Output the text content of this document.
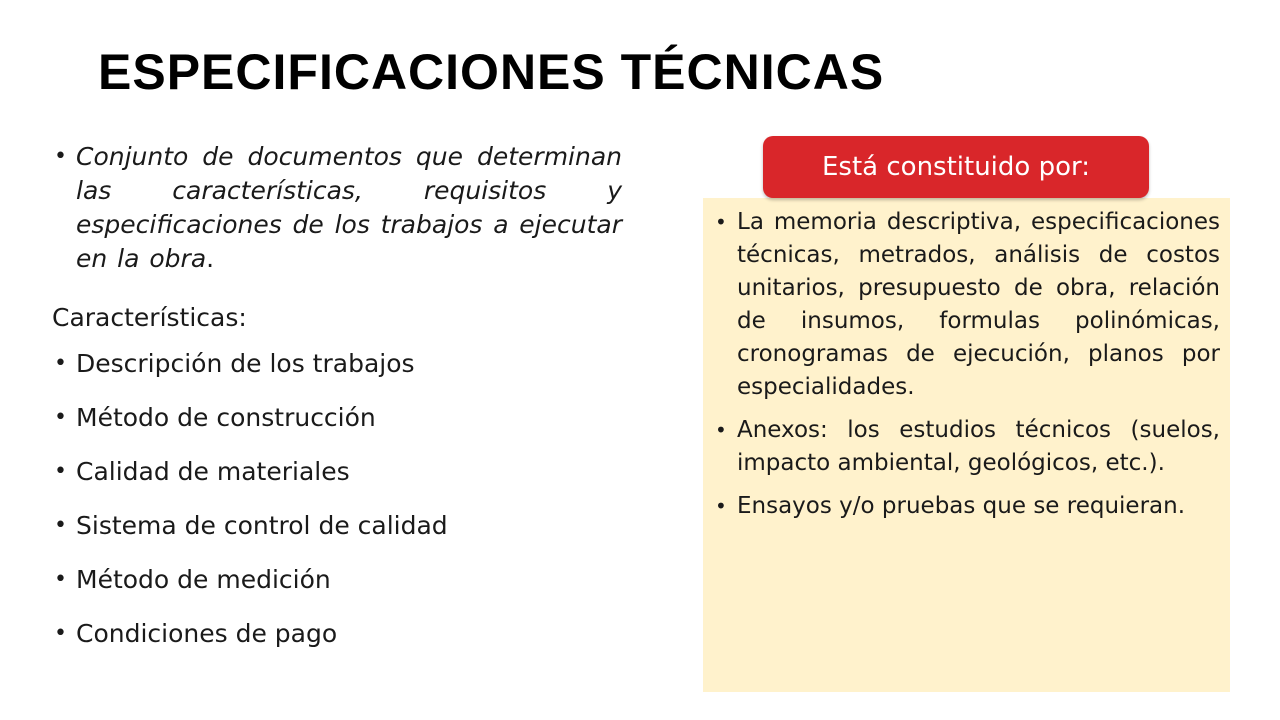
ESPECIFICACIONES TÉCNICAS
• Conjunto de documentos que determinan las características, requisitos y especificaciones de los trabajos a ejecutar en la obra.
Características:
• Descripción de los trabajos
• Método de construcción
• Calidad de materiales
• Sistema de control de calidad
• Método de medición
• Condiciones de pago
• La memoria descriptiva, especificaciones técnicas, metrados, análisis de costos unitarios, presupuesto de obra, relación de insumos, formulas polinómicas, cronogramas de ejecución, planos por especialidades.
• Anexos: los estudios técnicos (suelos, impacto ambiental, geológicos, etc.).
• Ensayos y/o pruebas que se requieran.
Está constituido por:
